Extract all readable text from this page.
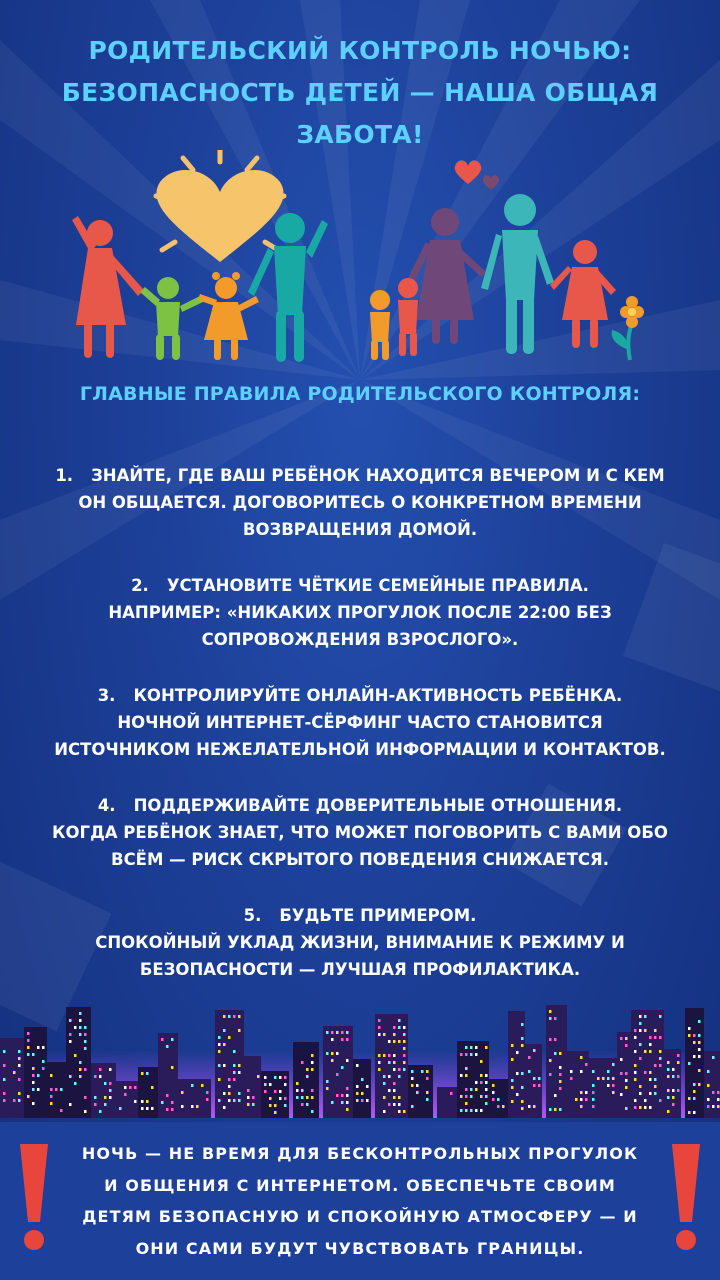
РОДИТЕЛЬСКИЙ КОНТРОЛЬ НОЧЬЮ:
БЕЗОПАСНОСТЬ ДЕТЕЙ — НАША ОБЩАЯ
ЗАБОТА!
ГЛАВНЫЕ ПРАВИЛА РОДИТЕЛЬСКОГО КОНТРОЛЯ:
1. ЗНАЙТЕ, ГДЕ ВАШ РЕБЁНОК НАХОДИТСЯ ВЕЧЕРОМ И С КЕМ
ОН ОБЩАЕТСЯ. ДОГОВОРИТЕСЬ О КОНКРЕТНОМ ВРЕМЕНИ
ВОЗВРАЩЕНИЯ ДОМОЙ.
2. УСТАНОВИТЕ ЧЁТКИЕ СЕМЕЙНЫЕ ПРАВИЛА.
НАПРИМЕР: «НИКАКИХ ПРОГУЛОК ПОСЛЕ 22:00 БЕЗ
СОПРОВОЖДЕНИЯ ВЗРОСЛОГО».
3. КОНТРОЛИРУЙТЕ ОНЛАЙН-АКТИВНОСТЬ РЕБЁНКА.
НОЧНОЙ ИНТЕРНЕТ-СЁРФИНГ ЧАСТО СТАНОВИТСЯ
ИСТОЧНИКОМ НЕЖЕЛАТЕЛЬНОЙ ИНФОРМАЦИИ И КОНТАКТОВ.
4. ПОДДЕРЖИВАЙТЕ ДОВЕРИТЕЛЬНЫЕ ОТНОШЕНИЯ.
КОГДА РЕБЁНОК ЗНАЕТ, ЧТО МОЖЕТ ПОГОВОРИТЬ С ВАМИ ОБО
ВСЁМ — РИСК СКРЫТОГО ПОВЕДЕНИЯ СНИЖАЕТСЯ.
5. БУДЬТЕ ПРИМЕРОМ.
СПОКОЙНЫЙ УКЛАД ЖИЗНИ, ВНИМАНИЕ К РЕЖИМУ И
БЕЗОПАСНОСТИ — ЛУЧШАЯ ПРОФИЛАКТИКА.
НОЧЬ — НЕ ВРЕМЯ ДЛЯ БЕСКОНТРОЛЬНЫХ ПРОГУЛОК
И ОБЩЕНИЯ С ИНТЕРНЕТОМ. ОБЕСПЕЧЬТЕ СВОИМ
ДЕТЯМ БЕЗОПАСНУЮ И СПОКОЙНУЮ АТМОСФЕРУ — И
ОНИ САМИ БУДУТ ЧУВСТВОВАТЬ ГРАНИЦЫ.
